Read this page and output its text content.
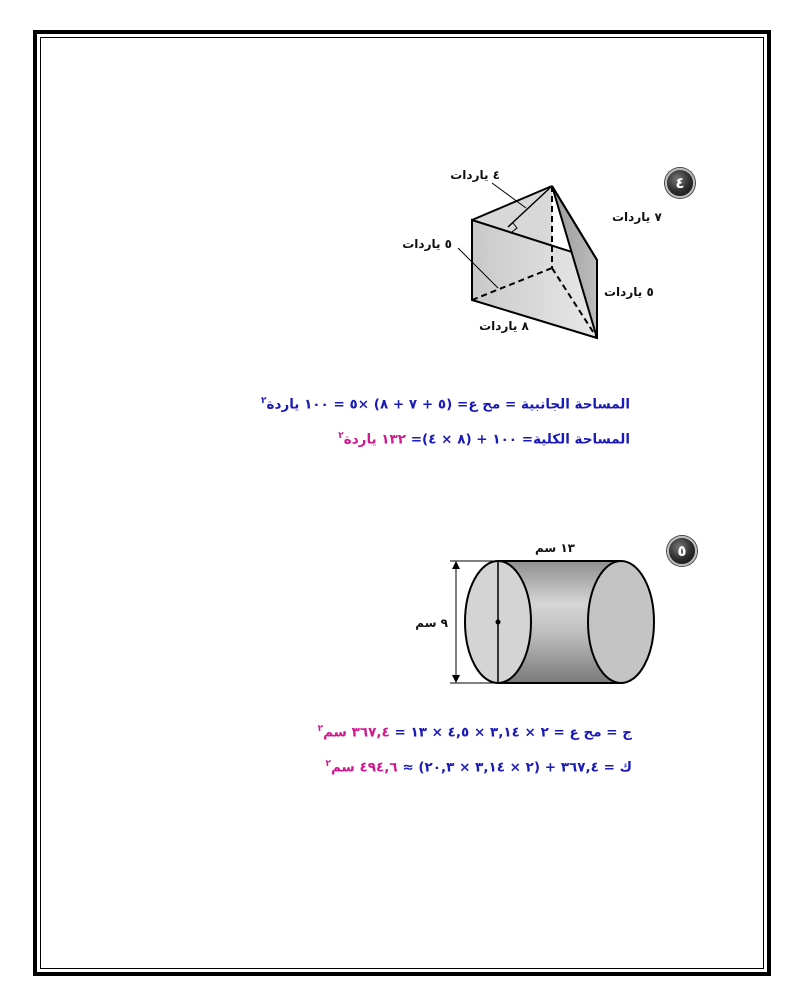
٤
٤ ياردات
٧ ياردات
٥ ياردات
٥ ياردات
٨ ياردات
المساحة الجانبية = مح ع= (٥ + ٧ + ٨) ×٥ = ١٠٠ ياردة$^٢$
المساحة الكلية= ١٠٠ + (٨ × ٤)= ١٣٢ ياردة$^٢$
٥
١٣ سم
٩ سم
ج = مح ع = ٢ × ٣,١٤ × ٤,٥ × ١٣ = ٣٦٧,٤ سم$^٢$
ك = ٣٦٧,٤ + (٢ × ٣,١٤ × ٢٠,٣) ≈ ٤٩٤,٦ سم$^٢$
